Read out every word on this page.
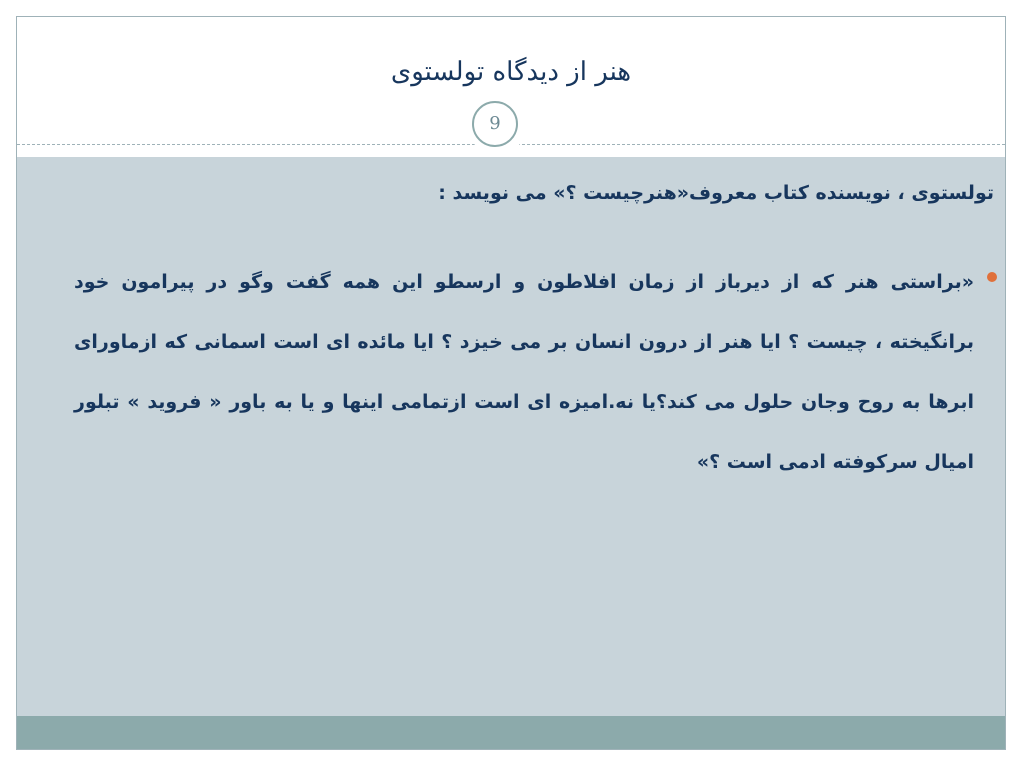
هنر از دیدگاه تولستوی
9
تولستوی ، نویسنده کتاب معروف«هنرچیست ؟» می نویسد :
«براستی هنر که از دیرباز از زمان افلاطون و ارسطو این همه گفت وگو در پیرامون خود برانگیخته ، چیست ؟ ایا هنر از درون انسان بر می خیزد ؟ ایا مائده ای است اسمانی که ازماورای ابرها به روح وجان حلول می کند؟یا نه.امیزه ای است ازتمامی اینها و یا به باور « فروید » تبلور امیال سرکوفته ادمی است ؟»
